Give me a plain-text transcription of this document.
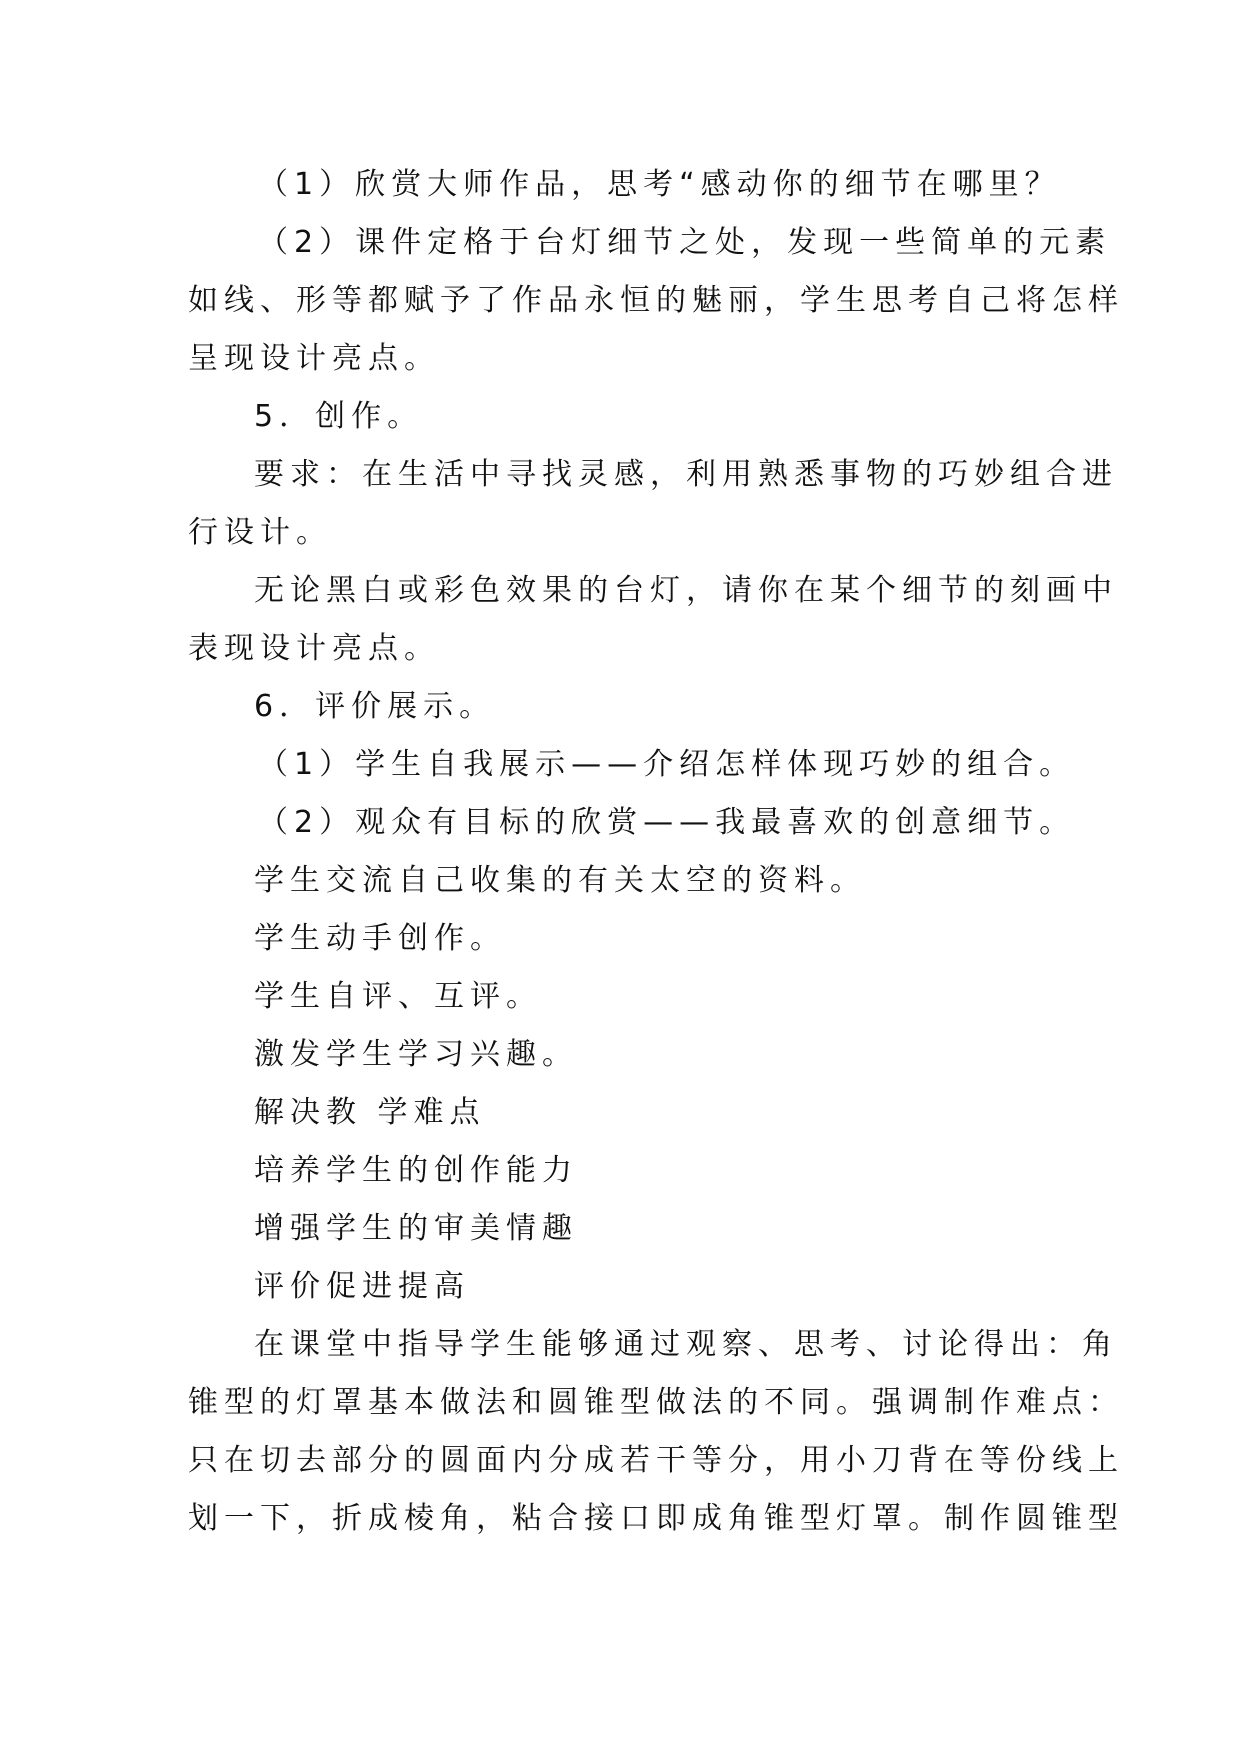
（1）欣赏大师作品，思考“感动你的细节在哪里？
（2）课件定格于台灯细节之处，发现一些简单的元素
如线、形等都赋予了作品永恒的魅丽，学生思考自己将怎样
呈现设计亮点。
5．创作。
要求：在生活中寻找灵感，利用熟悉事物的巧妙组合进
行设计。
无论黑白或彩色效果的台灯，请你在某个细节的刻画中
表现设计亮点。
6．评价展示。
（1）学生自我展示——介绍怎样体现巧妙的组合。
（2）观众有目标的欣赏——我最喜欢的创意细节。
学生交流自己收集的有关太空的资料。
学生动手创作。
学生自评、互评。
激发学生学习兴趣。
解决教 学难点
培养学生的创作能力
增强学生的审美情趣
评价促进提高
在课堂中指导学生能够通过观察、思考、讨论得出：角
锥型的灯罩基本做法和圆锥型做法的不同。强调制作难点：
只在切去部分的圆面内分成若干等分，用小刀背在等份线上
划一下，折成棱角，粘合接口即成角锥型灯罩。制作圆锥型
